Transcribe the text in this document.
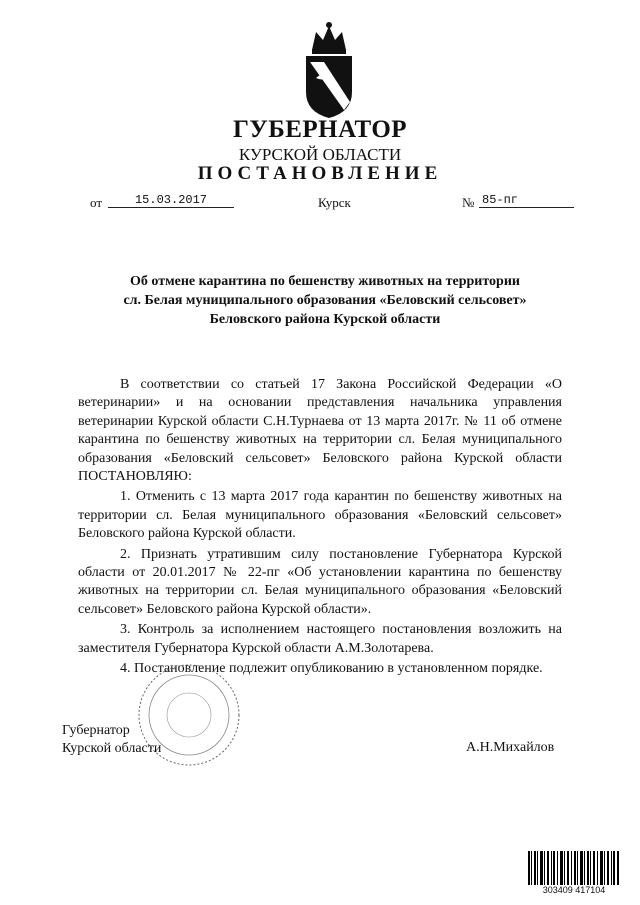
ГУБЕРНАТОР
КУРСКОЙ ОБЛАСТИ
ПОСТАНОВЛЕНИЕ
от	15.03.2017	Курск	№ 85-пг
Об отмене карантина по бешенству животных на территории
сл. Белая муниципального образования «Беловский сельсовет»
Беловского района Курской области

В соответствии со статьей 17 Закона Российской Федерации «О ветеринарии» и на основании представления начальника управления ветеринарии Курской области С.Н.Турнаева от 13 марта 2017г. № 11 об отмене карантина по бешенству животных на территории сл. Белая муниципального образования «Беловский сельсовет» Беловского района Курской области ПОСТАНОВЛЯЮ:

1. Отменить с 13 марта 2017 года карантин по бешенству животных на территории сл. Белая муниципального образования «Беловский сельсовет» Беловского района Курской области.

2. Признать утратившим силу постановление Губернатора Курской области от 20.01.2017 № 22-пг «Об установлении карантина по бешенству животных на территории сл. Белая муниципального образования «Беловский сельсовет» Беловского района Курской области».

3. Контроль за исполнением настоящего постановления возложить на заместителя Губернатора Курской области А.М.Золотарева.

4. Постановление подлежит опубликованию в установленном порядке.

Губернатор
Курской области	А.Н.Михайлов
303409 417104
